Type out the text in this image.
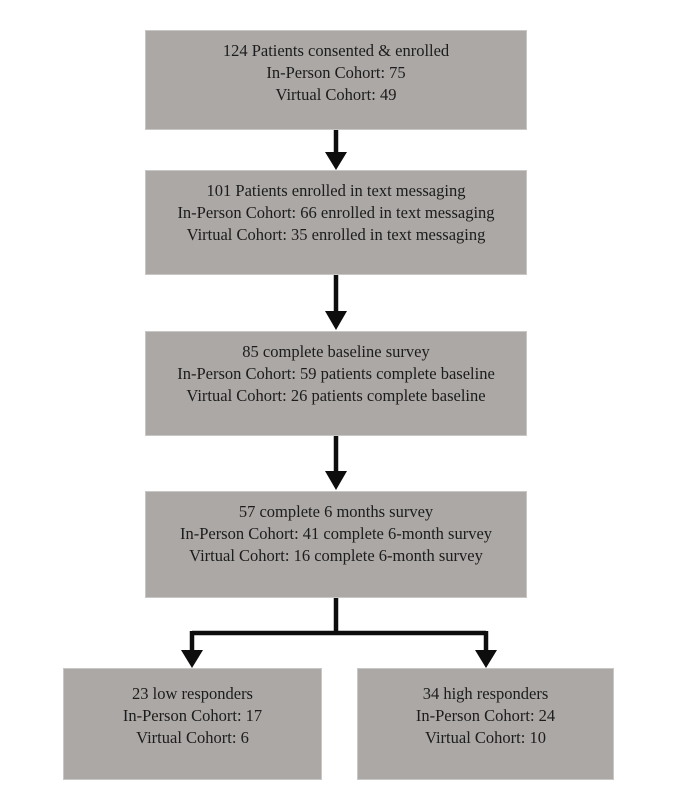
124 Patients consented & enrolled
In-Person Cohort: 75
Virtual Cohort: 49
101 Patients enrolled in text messaging
In-Person Cohort: 66 enrolled in text messaging
Virtual Cohort: 35 enrolled in text messaging
85 complete baseline survey
In-Person Cohort: 59 patients complete baseline
Virtual Cohort: 26 patients complete baseline
57 complete 6 months survey
In-Person Cohort: 41 complete 6-month survey
Virtual Cohort: 16 complete 6-month survey
23 low responders
In-Person Cohort: 17
Virtual Cohort: 6
34 high responders
In-Person Cohort: 24
Virtual Cohort: 10
